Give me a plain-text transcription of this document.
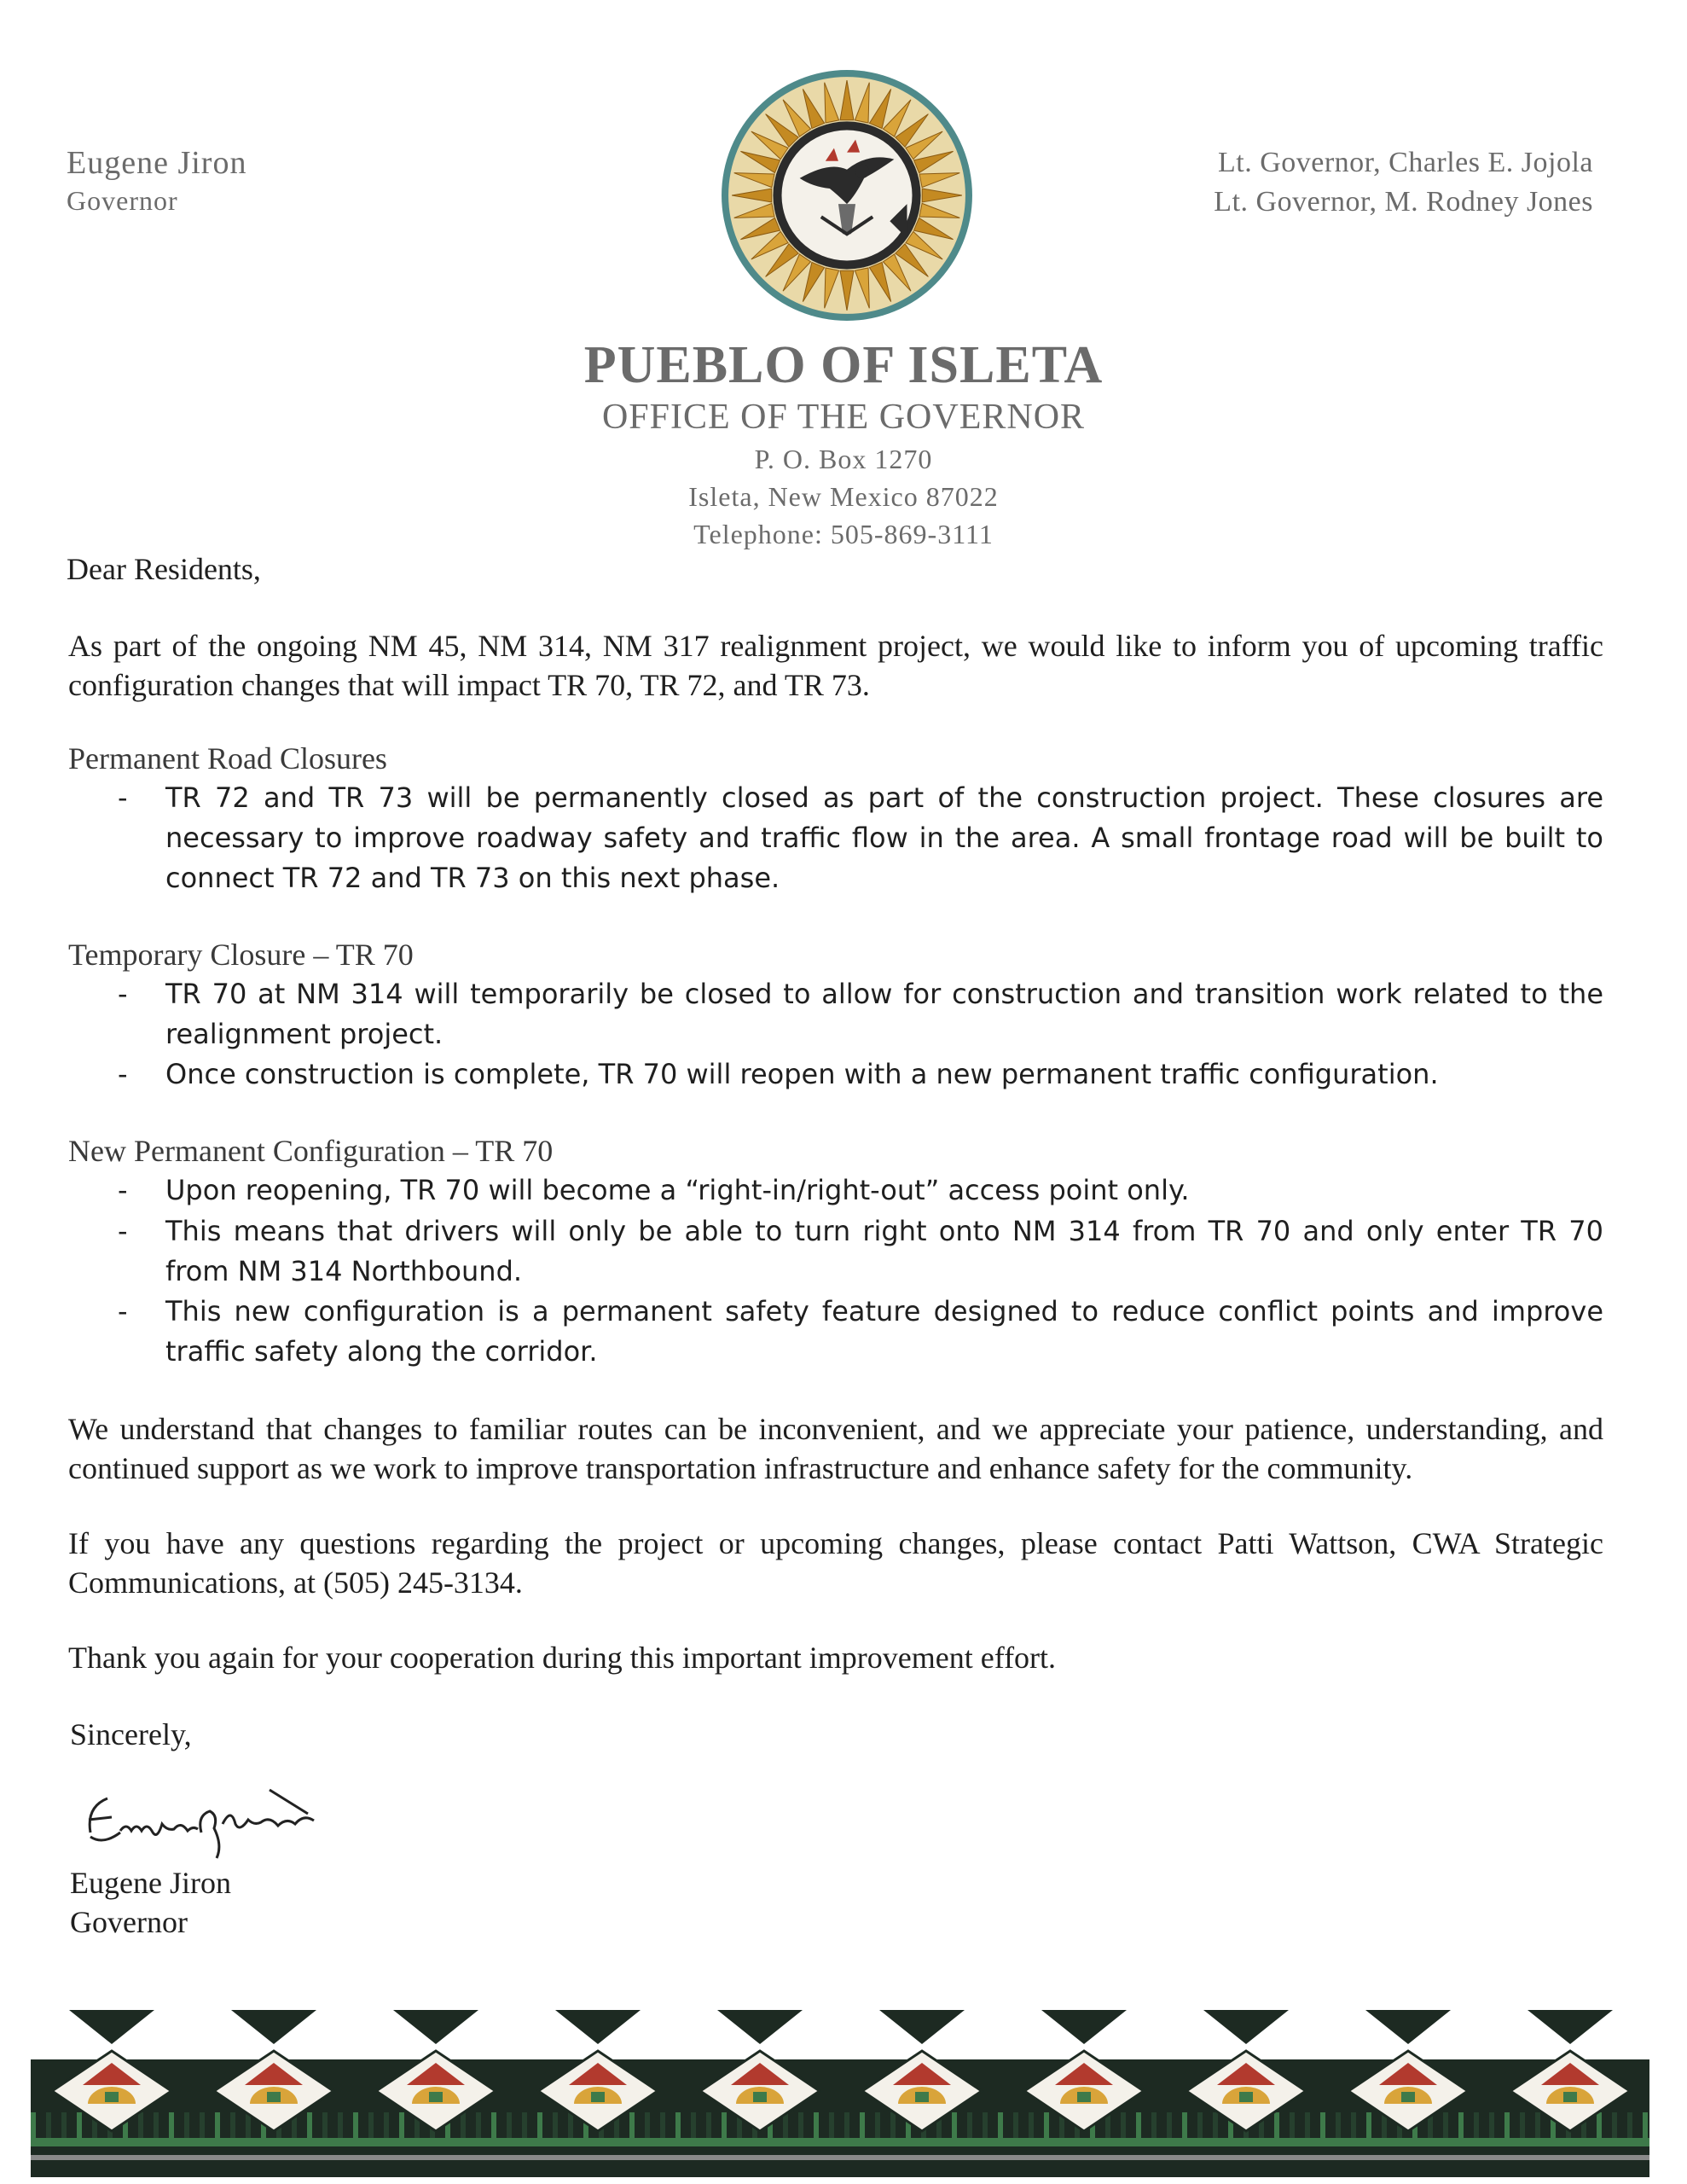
Eugene Jiron
Governor
Lt. Governor, Charles E. Jojola
Lt. Governor, M. Rodney Jones
PUEBLO OF ISLETA
OFFICE OF THE GOVERNOR
P. O. Box 1270
Isleta, New Mexico 87022
Telephone: 505-869-3111
Dear Residents,
As part of the ongoing NM 45, NM 314, NM 317 realignment project, we would like to inform you of upcoming traffic configuration changes that will impact TR 70, TR 72, and TR 73.
Permanent Road Closures
- TR 72 and TR 73 will be permanently closed as part of the construction project. These closures are necessary to improve roadway safety and traffic flow in the area. A small frontage road will be built to connect TR 72 and TR 73 on this next phase.
Temporary Closure – TR 70
- TR 70 at NM 314 will temporarily be closed to allow for construction and transition work related to the realignment project.
- Once construction is complete, TR 70 will reopen with a new permanent traffic configuration.
New Permanent Configuration – TR 70
- Upon reopening, TR 70 will become a “right-in/right-out” access point only.
- This means that drivers will only be able to turn right onto NM 314 from TR 70 and only enter TR 70 from NM 314 Northbound.
- This new configuration is a permanent safety feature designed to reduce conflict points and improve traffic safety along the corridor.
We understand that changes to familiar routes can be inconvenient, and we appreciate your patience, understanding, and continued support as we work to improve transportation infrastructure and enhance safety for the community.
If you have any questions regarding the project or upcoming changes, please contact Patti Wattson, CWA Strategic Communications, at (505) 245-3134.
Thank you again for your cooperation during this important improvement effort.
Sincerely,
Eugene Jiron
Governor
